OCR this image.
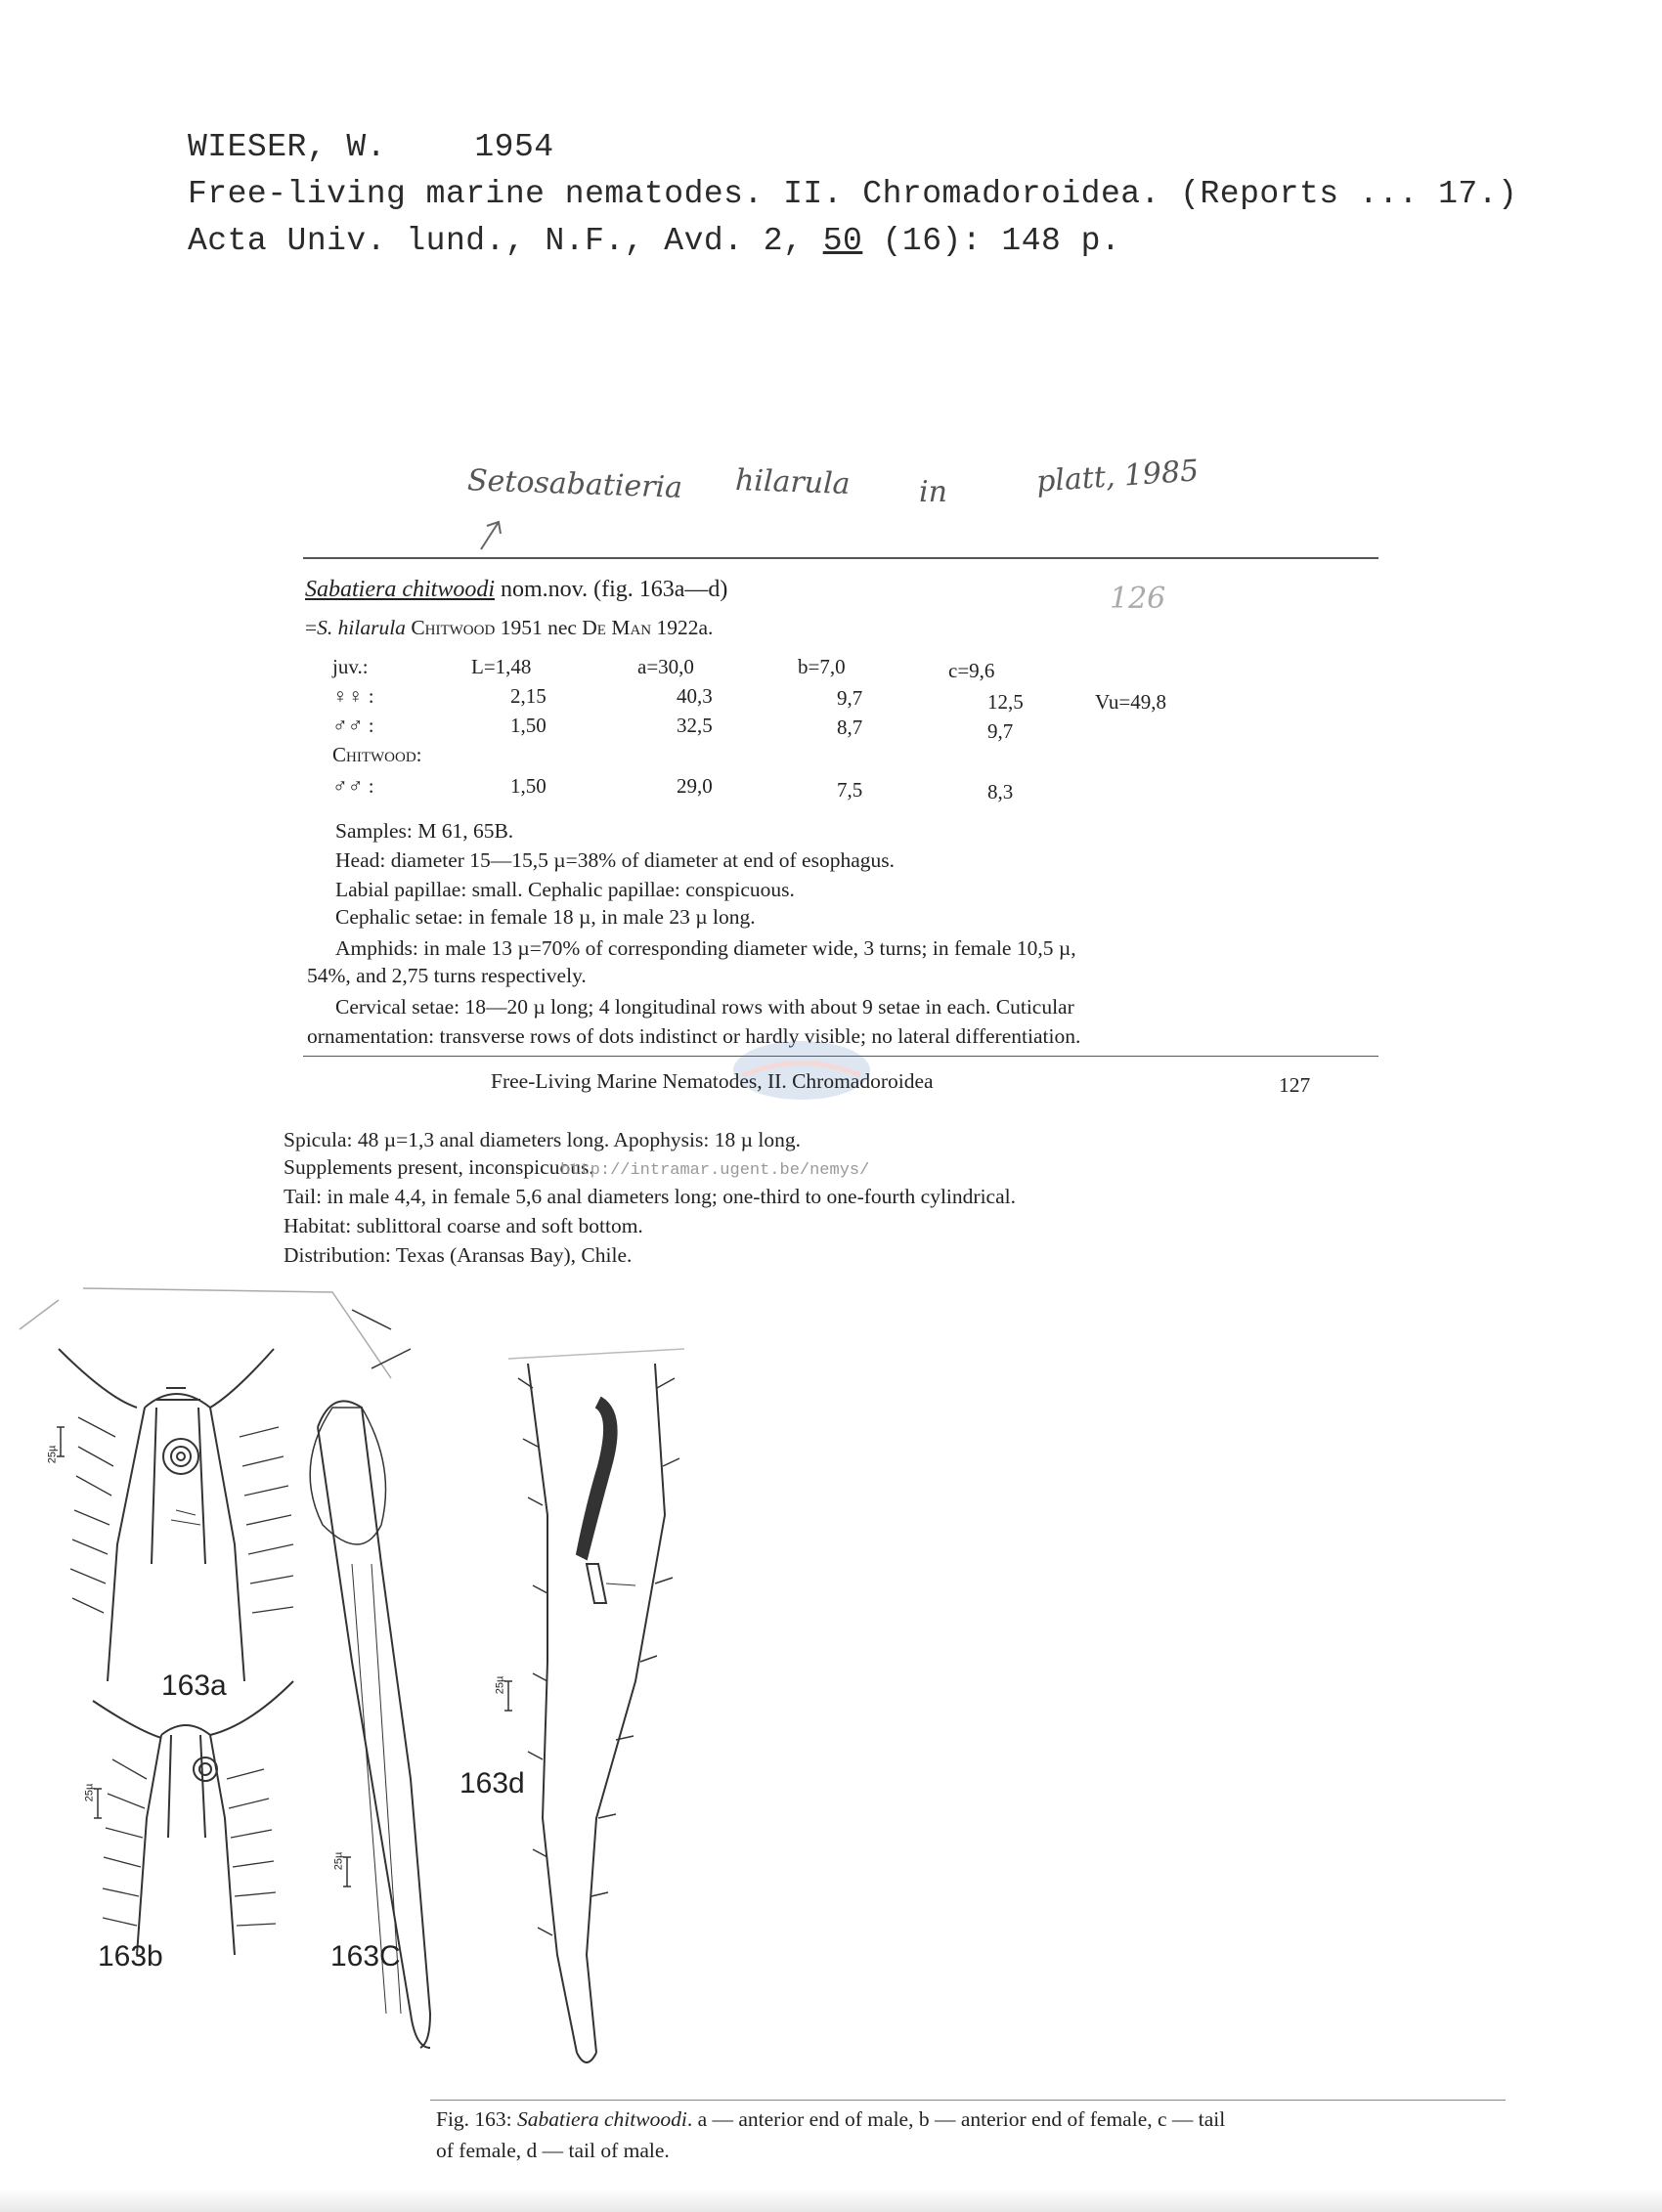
WIESER, W.	1954
Free-living marine nematodes. II. Chromadoroidea. (Reports ... 17.)
Acta Univ. lund., N.F., Avd. 2, 50 (16): 148 p.
Setosabatieria hilarula in	platt, 1985
Sabatiera chitwoodi nom.nov. (fig. 163a—d)	126
=S. hilarula Chitwood 1951 nec De Man 1922a.
juv.:	L=1,48	a=30,0	b=7,0	c=9,6
♀♀ :	2,15	40,3	9,7	12,5	Vu=49,8
♂♂ :	1,50	32,5	8,7	9,7
Chitwood:
♂♂ :	1,50	29,0	7,5	8,3
Samples: M 61, 65B.
Head: diameter 15—15,5 µ=38% of diameter at end of esophagus.
Labial papillae: small. Cephalic papillae: conspicuous.
Cephalic setae: in female 18 µ, in male 23 µ long.
Amphids: in male 13 µ=70% of corresponding diameter wide, 3 turns; in female 10,5 µ,
54%, and 2,75 turns respectively.
Cervical setae: 18—20 µ long; 4 longitudinal rows with about 9 setae in each. Cuticular
ornamentation: transverse rows of dots indistinct or hardly visible; no lateral differentiation.
Free-Living Marine Nematodes, II. Chromadoroidea	127
Spicula: 48 µ=1,3 anal diameters long. Apophysis: 18 µ long.
Supplements present, inconspicuous. http://intramar.ugent.be/nemys/
Tail: in male 4,4, in female 5,6 anal diameters long; one-third to one-fourth cylindrical.
Habitat: sublittoral coarse and soft bottom.
Distribution: Texas (Aransas Bay), Chile.
163a
163b	163C
163d
25µ
25µ
25µ
25µ
Fig. 163: Sabatiera chitwoodi. a — anterior end of male, b — anterior end of female, c — tail
of female, d — tail of male.
